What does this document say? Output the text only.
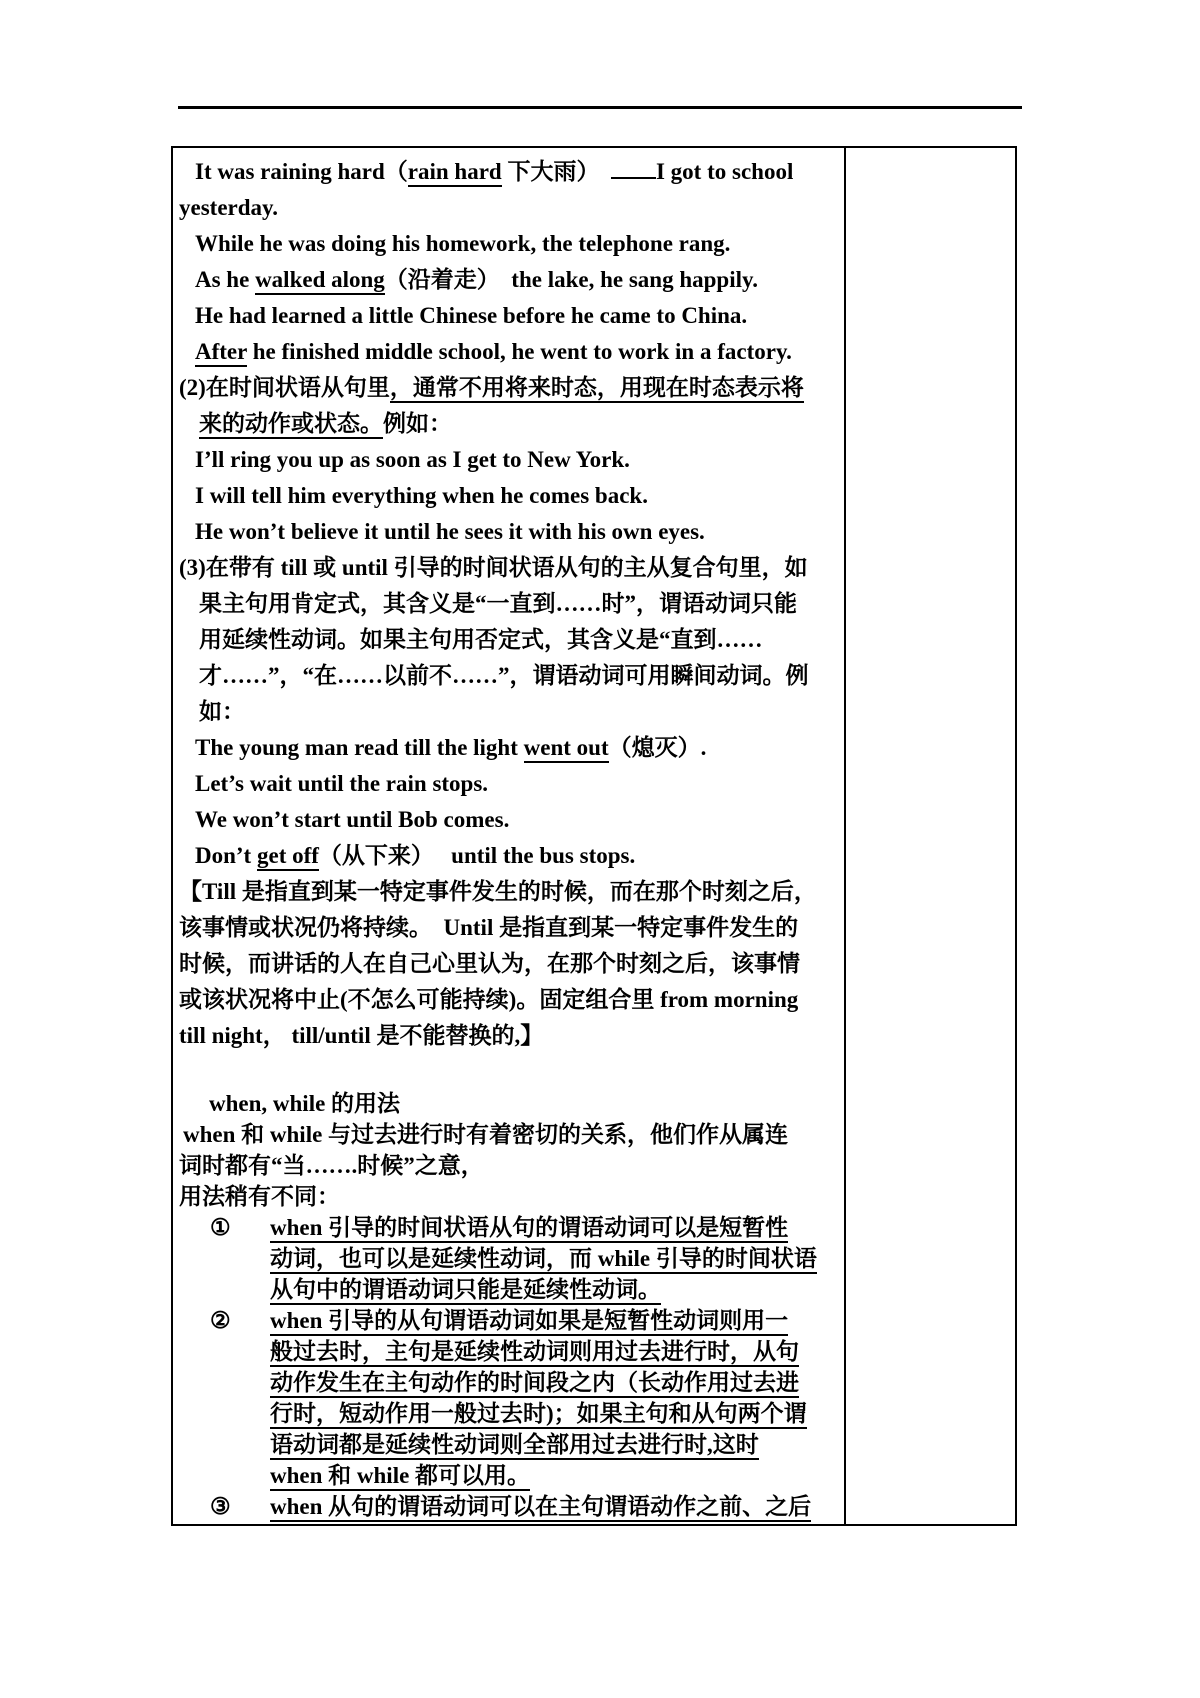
It was raining hard（rain hard 下大雨）  I got to school
yesterday.
While he was doing his homework, the telephone rang.
As he walked along（沿着走）  the lake, he sang happily.
He had learned a little Chinese before he came to China.
After he finished middle school, he went to work in a factory.
(2)在时间状语从句里，通常不用将来时态，用现在时态表示将
来的动作或状态。例如：
I’ll ring you up as soon as I get to New York.
I will tell him everything when he comes back.
He won’t believe it until he sees it with his own eyes.
(3)在带有 till 或 until 引导的时间状语从句的主从复合句里，如
果主句用肯定式，其含义是“一直到……时”，谓语动词只能
用延续性动词。如果主句用否定式，其含义是“直到……
才……”，“在……以前不……”，谓语动词可用瞬间动词。例
如：
The young man read till the light went out（熄灭）.
Let’s wait until the rain stops.
We won’t start until Bob comes.
Don’t get off（从下来）   until the bus stops.
【Till 是指直到某一特定事件发生的时候，而在那个时刻之后，
该事情或状况仍将持续。  Until 是指直到某一特定事件发生的
时候，而讲话的人在自己心里认为，在那个时刻之后，该事情
或该状况将中止(不怎么可能持续)。固定组合里 from morning
till night， till/until 是不能替换的,】
when, while 的用法
when 和 while 与过去进行时有着密切的关系，他们作从属连
词时都有“当…….时候”之意，
用法稍有不同：
① when 引导的时间状语从句的谓语动词可以是短暂性
动词，也可以是延续性动词，而 while 引导的时间状语
从句中的谓语动词只能是延续性动词。
② when 引导的从句谓语动词如果是短暂性动词则用一
般过去时，主句是延续性动词则用过去进行时，从句
动作发生在主句动作的时间段之内（长动作用过去进
行时，短动作用一般过去时)；如果主句和从句两个谓
语动词都是延续性动词则全部用过去进行时,这时
when 和 while 都可以用。
③ when 从句的谓语动词可以在主句谓语动作之前、之后
